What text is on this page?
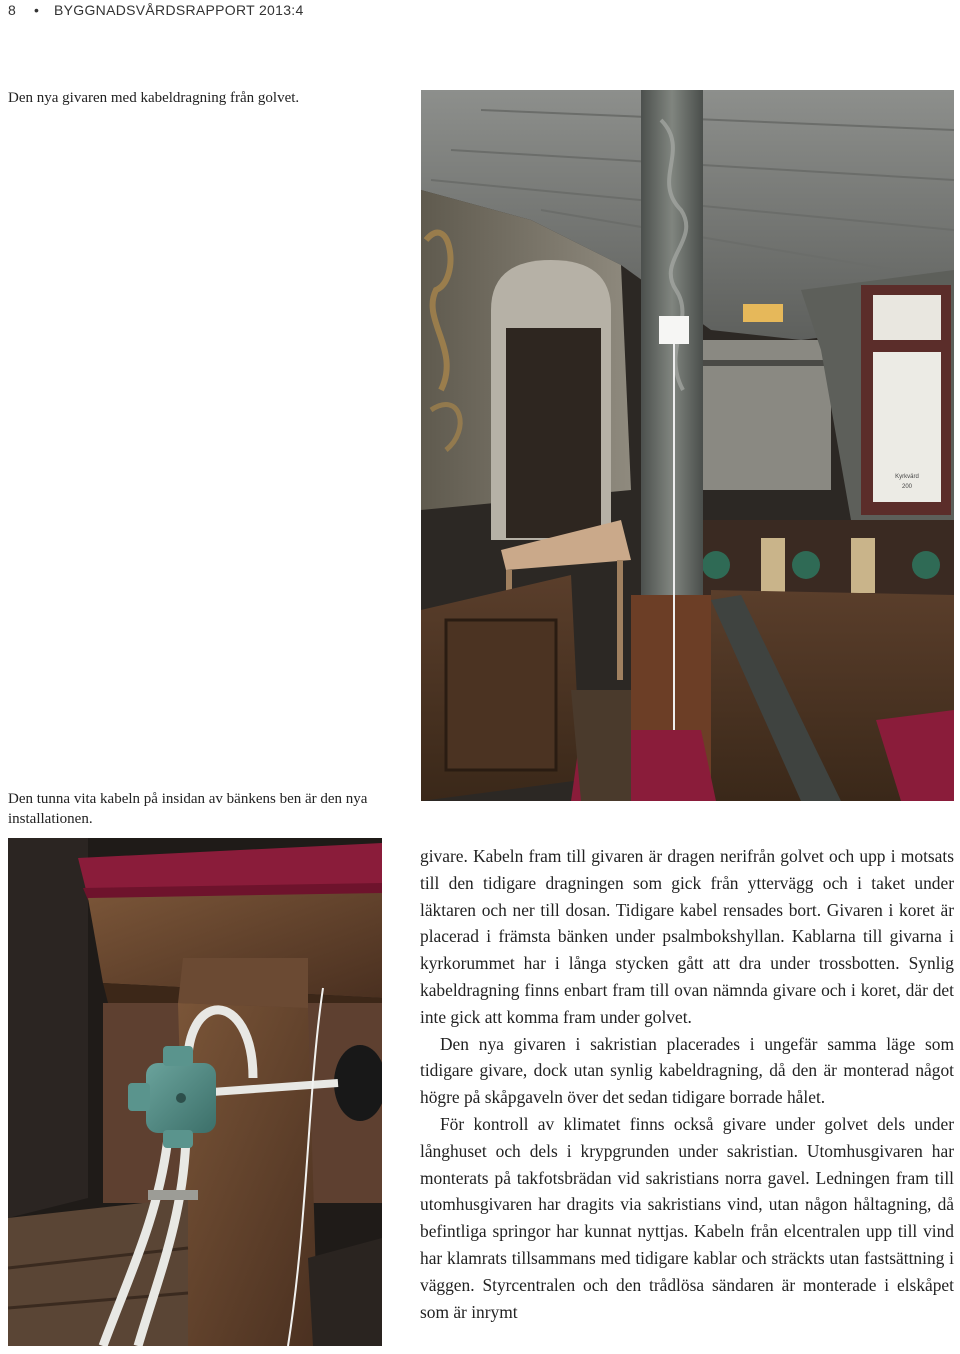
8 • BYGGNADSVÅRDSRAPPORT 2013:4
Den nya givaren med kabeldragning från golvet.
Kyrkvärd
200
Den tunna vita kabeln på insidan av bänkens ben är den nya installationen.

givare. Kabeln fram till givaren är dragen nerifrån golvet och upp i motsats till den tidigare dragningen som gick från yttervägg och i taket under läktaren och ner till dosan. Tidigare kabel rensades bort. Givaren i koret är placerad i främsta bänken under psalmbokshyllan. Kablarna till givarna i kyrkorummet har i långa stycken gått att dra under trossbotten. Synlig kabeldragning finns enbart fram till ovan nämnda givare och i koret, där det inte gick att komma fram under golvet.

Den nya givaren i sakristian placerades i ungefär samma läge som tidigare givare, dock utan synlig kabeldragning, då den är monterad något högre på skåpgaveln över det sedan tidigare borrade hålet.

För kontroll av klimatet finns också givare under golvet dels under långhuset och dels i krypgrunden under sakristian. Utomhusgivaren har monterats på takfotsbrädan vid sakristians norra gavel. Ledningen fram till utomhusgivaren har dragits via sakristians vind, utan någon håltagning, då befintliga springor har kunnat nyttjas. Kabeln från elcentralen upp till vind har klamrats tillsammans med tidigare kablar och sträckts utan fastsättning i väggen. Styrcentralen och den trådlösa sändaren är monterade i elskåpet som är inrymt
